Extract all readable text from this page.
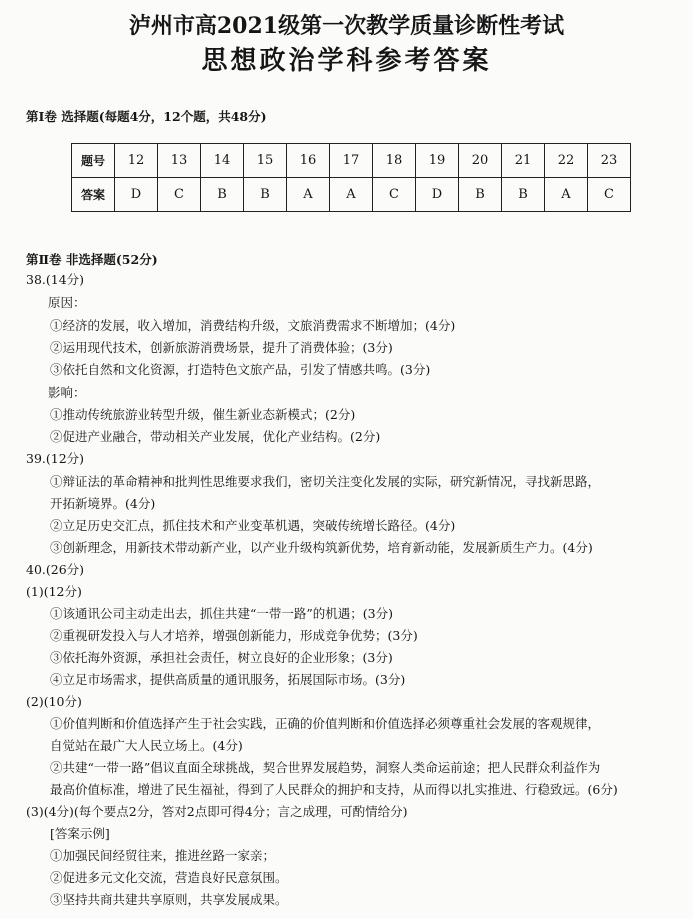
泸州市高2021级第一次教学质量诊断性考试
思想政治学科参考答案
第Ⅰ卷 选择题(每题4分，12个题，共48分)
题号	12	13	14	15	16	17	18	19	20	21	22	23
答案	D	C	B	B	A	A	C	D	B	B	A	C
第Ⅱ卷 非选择题(52分)
38.(14分)
原因：
①经济的发展，收入增加，消费结构升级，文旅消费需求不断增加；(4分)
②运用现代技术，创新旅游消费场景，提升了消费体验；(3分)
③依托自然和文化资源，打造特色文旅产品，引发了情感共鸣。(3分)
影响：
①推动传统旅游业转型升级，催生新业态新模式；(2分)
②促进产业融合，带动相关产业发展，优化产业结构。(2分)
39.(12分)
①辩证法的革命精神和批判性思维要求我们，密切关注变化发展的实际，研究新情况，寻找新思路，
开拓新境界。(4分)
②立足历史交汇点，抓住技术和产业变革机遇，突破传统增长路径。(4分)
③创新理念，用新技术带动新产业，以产业升级构筑新优势，培育新动能，发展新质生产力。(4分)
40.(26分)
(1)(12分)
①该通讯公司主动走出去，抓住共建“一带一路”的机遇；(3分)
②重视研发投入与人才培养，增强创新能力，形成竞争优势；(3分)
③依托海外资源，承担社会责任，树立良好的企业形象；(3分)
④立足市场需求，提供高质量的通讯服务，拓展国际市场。(3分)
(2)(10分)
①价值判断和价值选择产生于社会实践，正确的价值判断和价值选择必须尊重社会发展的客观规律，
自觉站在最广大人民立场上。(4分)
②共建“一带一路”倡议直面全球挑战，契合世界发展趋势，洞察人类命运前途；把人民群众利益作为
最高价值标准，增进了民生福祉，得到了人民群众的拥护和支持，从而得以扎实推进、行稳致远。(6分)
(3)(4分)(每个要点2分，答对2点即可得4分；言之成理，可酌情给分)
[答案示例]
①加强民间经贸往来，推进丝路一家亲；
②促进多元文化交流，营造良好民意氛围。
③坚持共商共建共享原则，共享发展成果。
